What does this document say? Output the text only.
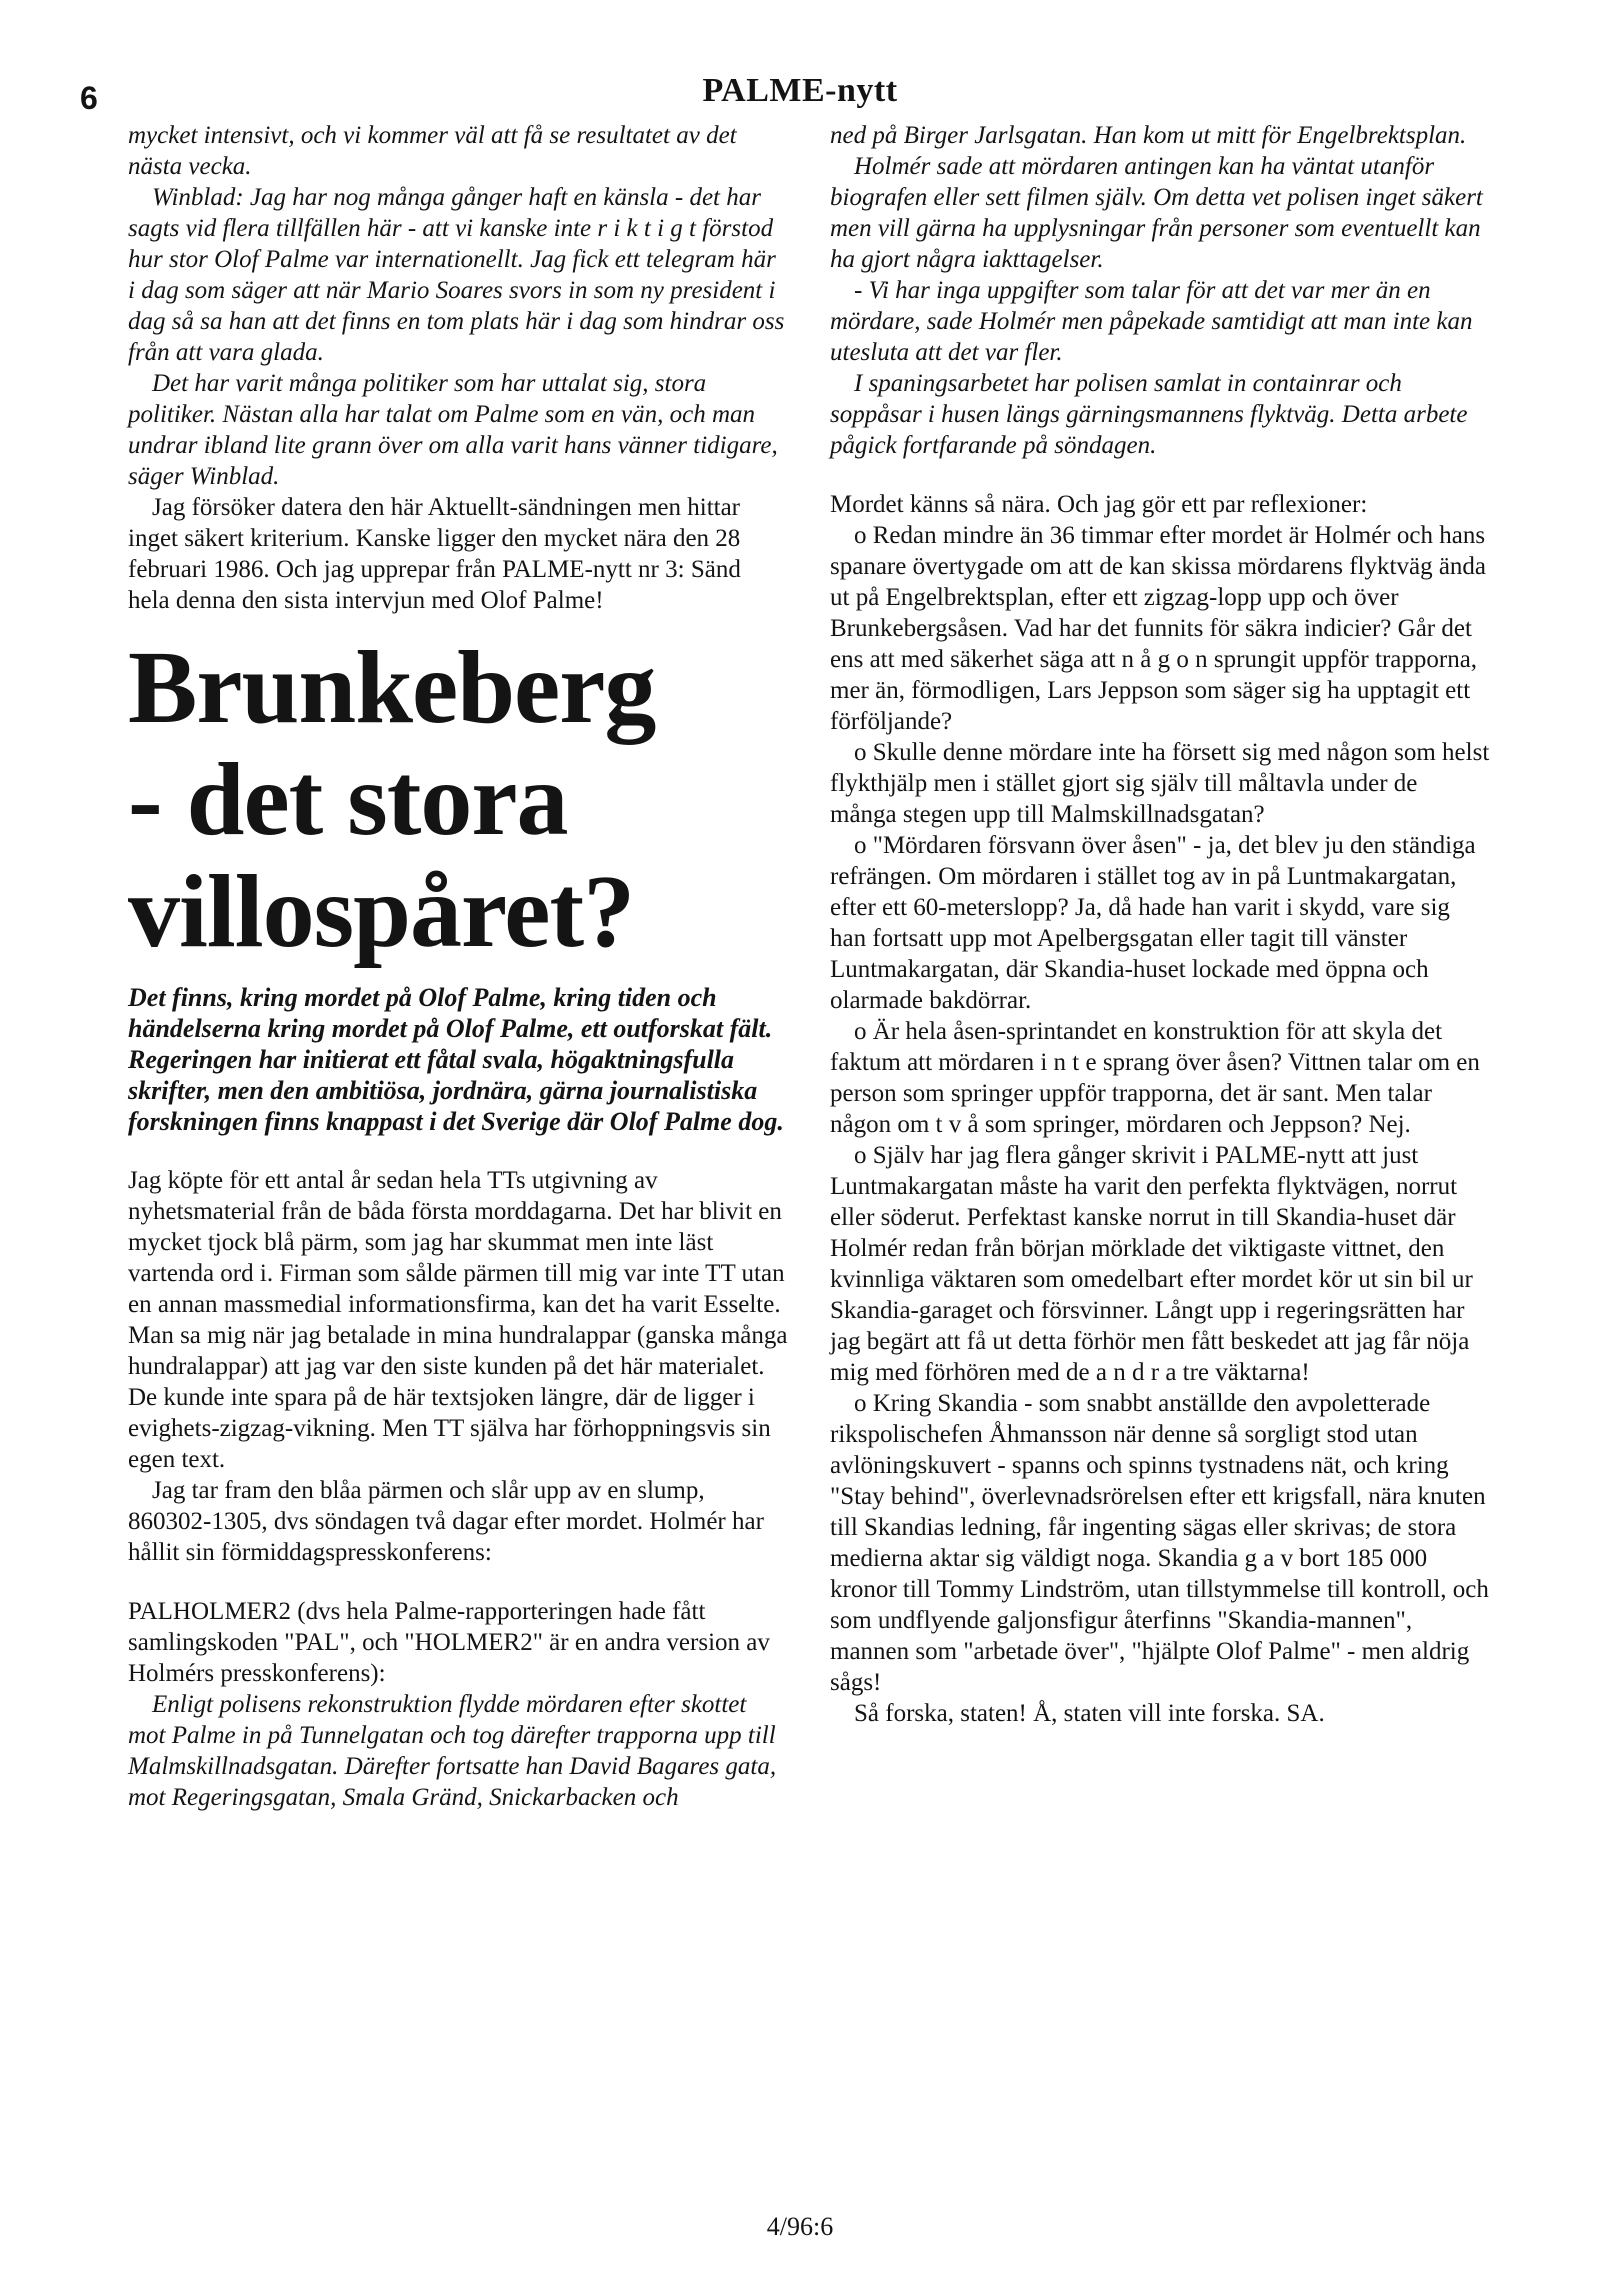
6	PALME-nytt

mycket intensivt, och vi kommer väl att få se resultatet av det nästa vecka.

Winblad: Jag har nog många gånger haft en känsla - det har sagts vid flera tillfällen här - att vi kanske inte r i k t i g t förstod hur stor Olof Palme var internationellt. Jag fick ett telegram här i dag som säger att när Mario Soares svors in som ny president i dag så sa han att det finns en tom plats här i dag som hindrar oss från att vara glada.

Det har varit många politiker som har uttalat sig, stora politiker. Nästan alla har talat om Palme som en vän, och man undrar ibland lite grann över om alla varit hans vänner tidigare, säger Winblad.

Jag försöker datera den här Aktuellt-sändningen men hittar inget säkert kriterium. Kanske ligger den mycket nära den 28 februari 1986. Och jag upprepar från PALME-nytt nr 3: Sänd hela denna den sista intervjun med Olof Palme!

Brunkeberg
- det stora
villospåret?

Det finns, kring mordet på Olof Palme, kring tiden och händelserna kring mordet på Olof Palme, ett outforskat fält.

Regeringen har initierat ett fåtal svala, högaktningsfulla skrifter, men den ambitiösa, jordnära, gärna journalistiska forskningen finns knappast i det Sverige där Olof Palme dog.

Jag köpte för ett antal år sedan hela TTs utgivning av nyhetsmaterial från de båda första morddagarna. Det har blivit en mycket tjock blå pärm, som jag har skummat men inte läst vartenda ord i. Firman som sålde pärmen till mig var inte TT utan en annan massmedial informationsfirma, kan det ha varit Esselte. Man sa mig när jag betalade in mina hundralappar (ganska många hundralappar) att jag var den siste kunden på det här materialet. De kunde inte spara på de här textsjoken längre, där de ligger i evighets-zigzag-vikning. Men TT själva har förhoppningsvis sin egen text.

Jag tar fram den blåa pärmen och slår upp av en slump, 860302-1305, dvs söndagen två dagar efter mordet. Holmér har hållit sin förmiddagspresskonferens:

PALHOLMER2 (dvs hela Palme-rapporteringen hade fått samlingskoden "PAL", och "HOLMER2" är en andra version av Holmérs presskonferens):

Enligt polisens rekonstruktion flydde mördaren efter skottet mot Palme in på Tunnelgatan och tog därefter trapporna upp till Malmskillnadsgatan. Därefter fortsatte han David Bagares gata, mot Regeringsgatan, Smala Gränd, Snickarbacken och

ned på Birger Jarlsgatan. Han kom ut mitt för Engelbrektsplan.

Holmér sade att mördaren antingen kan ha väntat utanför biografen eller sett filmen själv. Om detta vet polisen inget säkert men vill gärna ha upplysningar från personer som eventuellt kan ha gjort några iakttagelser.

- Vi har inga uppgifter som talar för att det var mer än en mördare, sade Holmér men påpekade samtidigt att man inte kan utesluta att det var fler.

I spaningsarbetet har polisen samlat in containrar och soppåsar i husen längs gärningsmannens flyktväg. Detta arbete pågick fortfarande på söndagen.

Mordet känns så nära. Och jag gör ett par reflexioner:

o Redan mindre än 36 timmar efter mordet är Holmér och hans spanare övertygade om att de kan skissa mördarens flyktväg ända ut på Engelbrektsplan, efter ett zigzag-lopp upp och över Brunkebergsåsen. Vad har det funnits för säkra indicier? Går det ens att med säkerhet säga att n å g o n sprungit uppför trapporna, mer än, förmodligen, Lars Jeppson som säger sig ha upptagit ett förföljande?

o Skulle denne mördare inte ha försett sig med någon som helst flykthjälp men i stället gjort sig själv till måltavla under de många stegen upp till Malmskillnadsgatan?

o "Mördaren försvann över åsen" - ja, det blev ju den ständiga refrängen. Om mördaren i stället tog av in på Luntmakargatan, efter ett 60-meterslopp? Ja, då hade han varit i skydd, vare sig han fortsatt upp mot Apelbergsgatan eller tagit till vänster Luntmakargatan, där Skandia-huset lockade med öppna och olarmade bakdörrar.

o Är hela åsen-sprintandet en konstruktion för att skyla det faktum att mördaren i n t e sprang över åsen? Vittnen talar om en person som springer uppför trapporna, det är sant. Men talar någon om t v å som springer, mördaren och Jeppson? Nej.

o Själv har jag flera gånger skrivit i PALME-nytt att just Luntmakargatan måste ha varit den perfekta flyktvägen, norrut eller söderut. Perfektast kanske norrut in till Skandia-huset där Holmér redan från början mörklade det viktigaste vittnet, den kvinnliga väktaren som omedelbart efter mordet kör ut sin bil ur Skandia-garaget och försvinner. Långt upp i regeringsrätten har jag begärt att få ut detta förhör men fått beskedet att jag får nöja mig med förhören med de a n d r a tre väktarna!

o Kring Skandia - som snabbt anställde den avpoletterade rikspolischefen Åhmansson när denne så sorgligt stod utan avlöningskuvert - spanns och spinns tystnadens nät, och kring "Stay behind", överlevnadsrörelsen efter ett krigsfall, nära knuten till Skandias ledning, får ingenting sägas eller skrivas; de stora medierna aktar sig väldigt noga. Skandia g a v bort 185 000 kronor till Tommy Lindström, utan tillstymmelse till kontroll, och som undflyende galjonsfigur återfinns "Skandia-mannen", mannen som "arbetade över", "hjälpte Olof Palme" - men aldrig sågs!

Så forska, staten! Å, staten vill inte forska. SA.

4/96:6
